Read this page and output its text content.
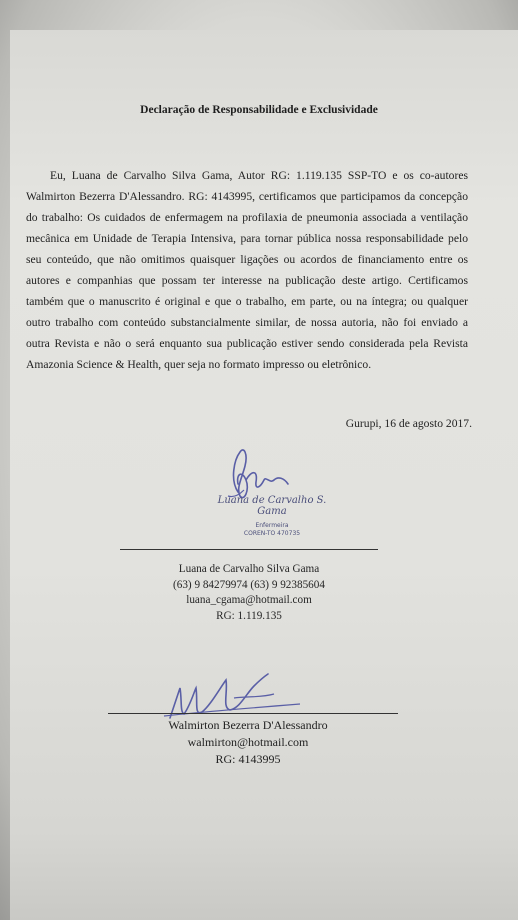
Declaração de Responsabilidade e Exclusividade
Eu, Luana de Carvalho Silva Gama, Autor RG: 1.119.135 SSP-TO e os co-autores Walmirton Bezerra D'Alessandro. RG: 4143995, certificamos que participamos da concepção do trabalho: Os cuidados de enfermagem na profilaxia de pneumonia associada a ventilação mecânica em Unidade de Terapia Intensiva, para tornar pública nossa responsabilidade pelo seu conteúdo, que não omitimos quaisquer ligações ou acordos de financiamento entre os autores e companhias que possam ter interesse na publicação deste artigo. Certificamos também que o manuscrito é original e que o trabalho, em parte, ou na íntegra; ou qualquer outro trabalho com conteúdo substancialmente similar, de nossa autoria, não foi enviado a outra Revista e não o será enquanto sua publicação estiver sendo considerada pela Revista Amazonia Science & Health, quer seja no formato impresso ou eletrônico.
Gurupi, 16 de agosto 2017.
Luana de Carvalho S. Gama
Enfermeira
COREN-TO 470735
Luana de Carvalho Silva Gama
(63) 9 84279974 (63) 9 92385604
luana_cgama@hotmail.com
RG: 1.119.135
Walmirton Bezerra D'Alessandro
walmirton@hotmail.com
RG: 4143995
